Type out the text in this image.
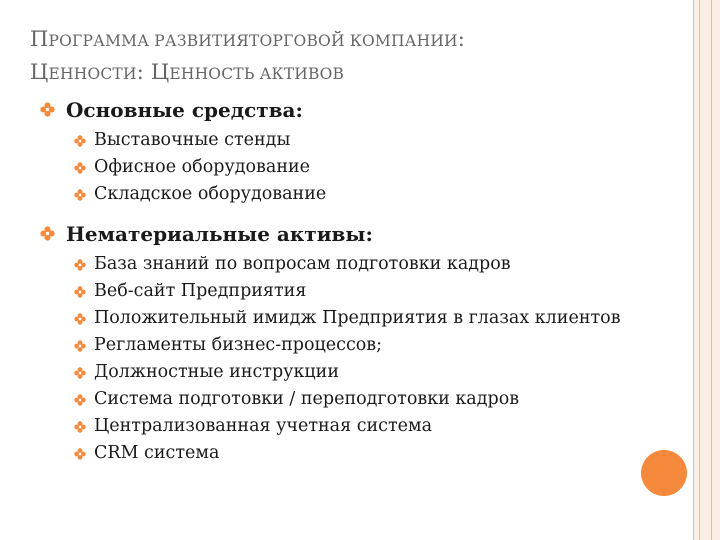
ПРОГРАММА РАЗВИТИЯТОРГОВОЙ КОМПАНИИ:
ЦЕННОСТИ: ЦЕННОСТЬ АКТИВОВ
Основные средства:
Выставочные стенды
Офисное оборудование
Складское оборудование
Нематериальные активы:
База знаний по вопросам подготовки кадров
Веб-сайт Предприятия
Положительный имидж Предприятия в глазах клиентов
Регламенты бизнес-процессов;
Должностные инструкции
Система подготовки / переподготовки кадров
Централизованная учетная система
CRM система
